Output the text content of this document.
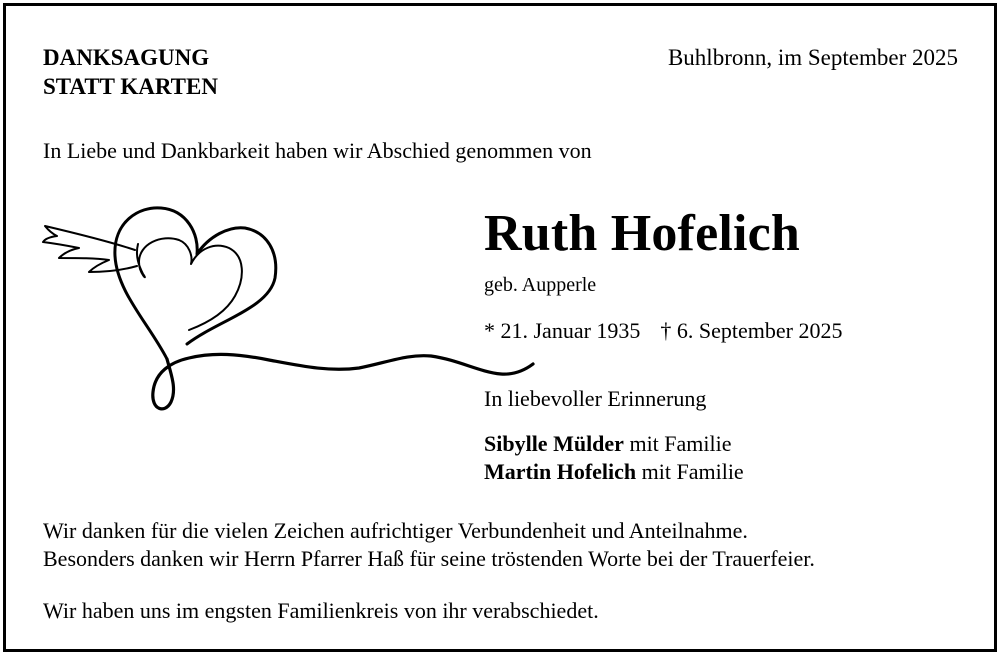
DANKSAGUNG
STATT KARTEN
Buhlbronn, im September 2025
In Liebe und Dankbarkeit haben wir Abschied genommen von
Ruth Hofelich
geb. Aupperle
* 21. Januar 1935 † 6. September 2025
In liebevoller Erinnerung
Sibylle Mülder mit Familie
Martin Hofelich mit Familie
Wir danken für die vielen Zeichen aufrichtiger Verbundenheit und Anteilnahme.
Besonders danken wir Herrn Pfarrer Haß für seine tröstenden Worte bei der Trauerfeier.
Wir haben uns im engsten Familienkreis von ihr verabschiedet.
